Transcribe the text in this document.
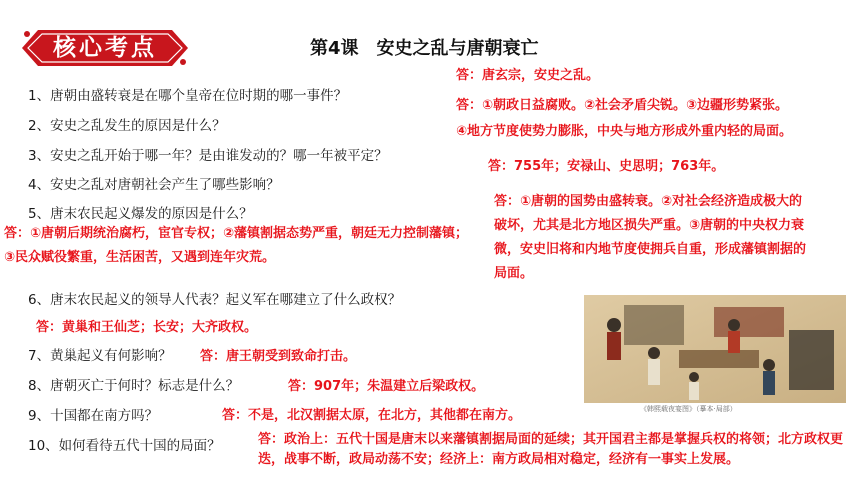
核心考点	第4课　安史之乱与唐朝衰亡
1、唐朝由盛转衰是在哪个皇帝在位时期的哪一事件？
2、安史之乱发生的原因是什么？
3、安史之乱开始于哪一年？是由谁发动的？哪一年被平定？
4、安史之乱对唐朝社会产生了哪些影响？
5、唐末农民起义爆发的原因是什么？
6、唐末农民起义的领导人代表？起义军在哪建立了什么政权？
7、黄巢起义有何影响？
8、唐朝灭亡于何时？标志是什么？
9、十国都在南方吗？
10、如何看待五代十国的局面？
答：唐玄宗，安史之乱。
答：①朝政日益腐败。②社会矛盾尖锐。③边疆形势紧张。
④地方节度使势力膨胀，中央与地方形成外重内轻的局面。
答：755年；安禄山、史思明；763年。
答：①唐朝的国势由盛转衰。②对社会经济造成极大的破坏，尤其是北方地区损失严重。③唐朝的中央权力衰微，安史旧将和内地节度使拥兵自重，形成藩镇割据的局面。
答：①唐朝后期统治腐朽，宦官专权；②藩镇割据态势严重，朝廷无力控制藩镇；③民众赋役繁重，生活困苦，又遇到连年灾荒。
答：黄巢和王仙芝；长安；大齐政权。
答：唐王朝受到致命打击。
答：907年；朱温建立后梁政权。
答：不是，北汉割据太原，在北方，其他都在南方。
答：政治上：五代十国是唐末以来藩镇割据局面的延续；其开国君主都是掌握兵权的将领；北方政权更迭，战事不断，政局动荡不安；经济上：南方政局相对稳定，经济有一事实上发展。
《韩熙载夜宴图》（摹本·局部）
